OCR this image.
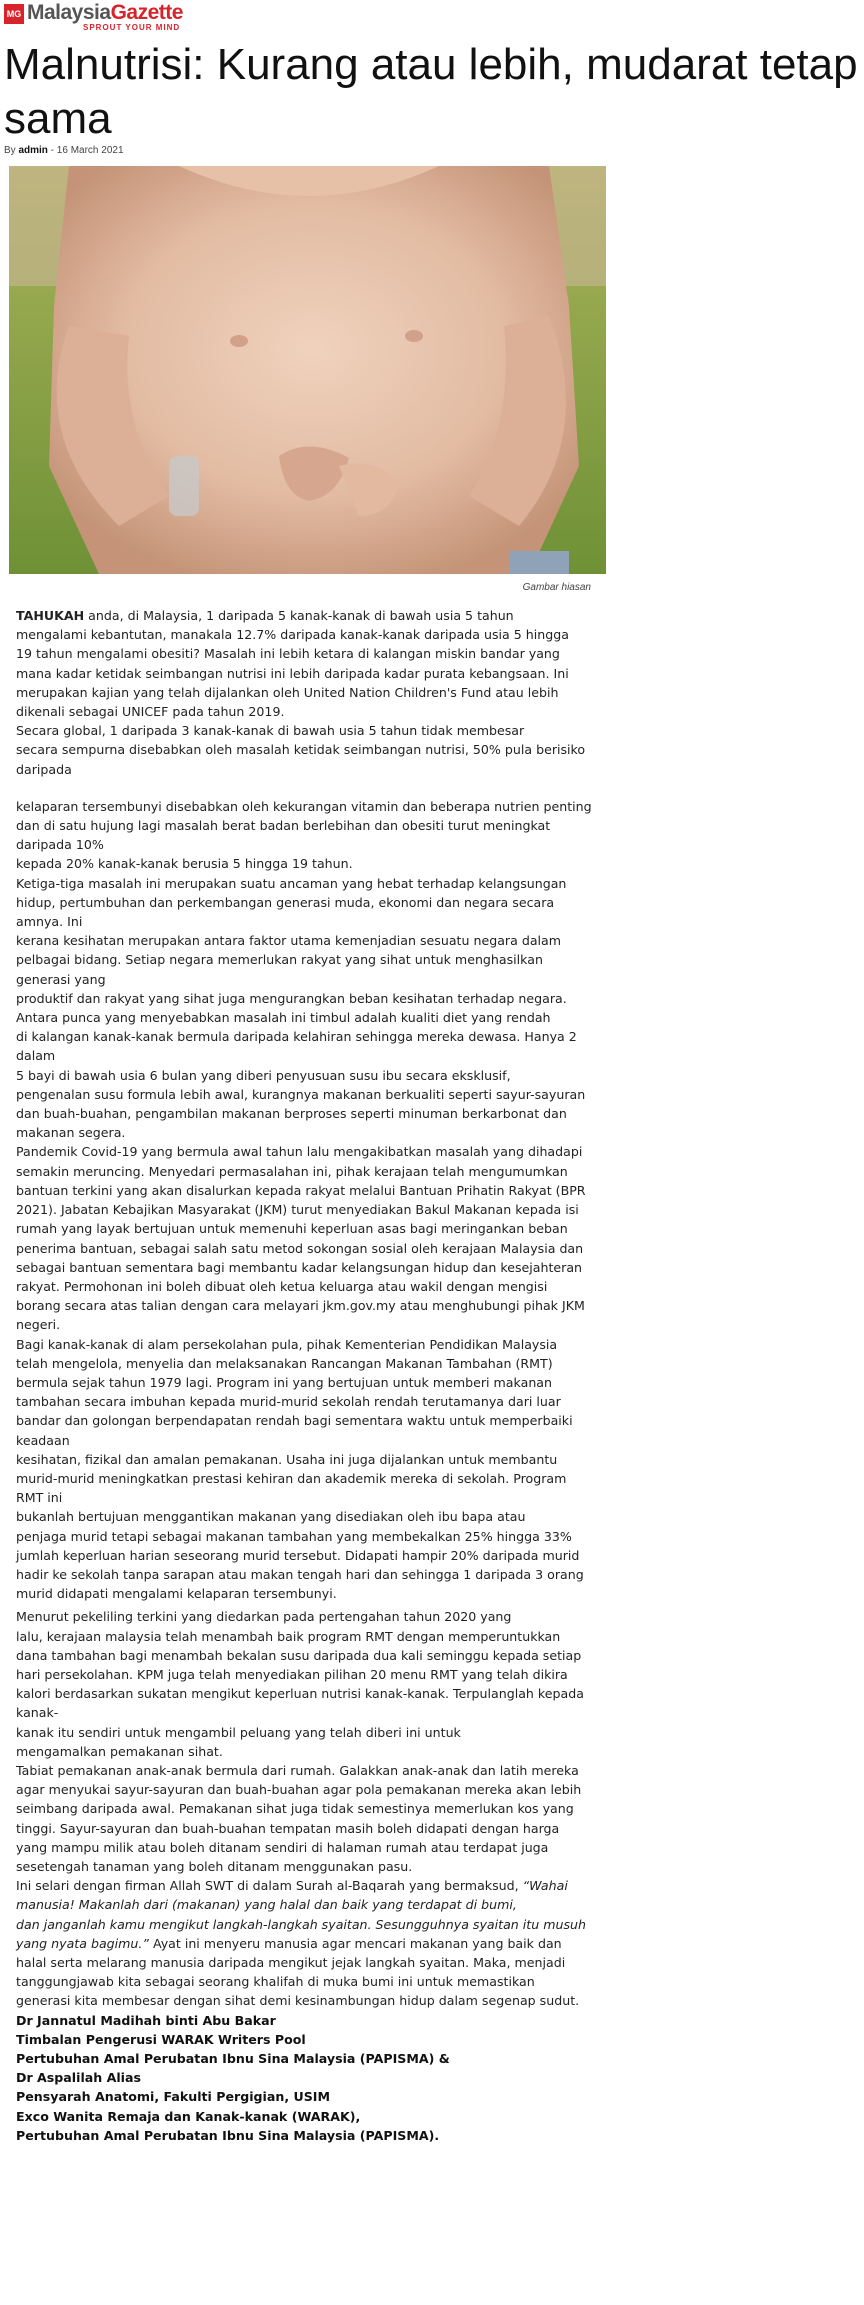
MG MalaysiaGazette
SPROUT YOUR MIND
Malnutrisi: Kurang atau lebih, mudarat tetap sama
By admin - 16 March 2021
Gambar hiasan

TAHUKAH anda, di Malaysia, 1 daripada 5 kanak-kanak di bawah usia 5 tahun

mengalami kebantutan, manakala 12.7% daripada kanak-kanak daripada usia 5 hingga

19 tahun mengalami obesiti? Masalah ini lebih ketara di kalangan miskin bandar yang

mana kadar ketidak seimbangan nutrisi ini lebih daripada kadar purata kebangsaan. Ini

merupakan kajian yang telah dijalankan oleh United Nation Children's Fund atau lebih

dikenali sebagai UNICEF pada tahun 2019.

Secara global, 1 daripada 3 kanak-kanak di bawah usia 5 tahun tidak membesar

secara sempurna disebabkan oleh masalah ketidak seimbangan nutrisi, 50% pula berisiko

daripada

kelaparan tersembunyi disebabkan oleh kekurangan vitamin dan beberapa nutrien penting

dan di satu hujung lagi masalah berat badan berlebihan dan obesiti turut meningkat

daripada 10%

kepada 20% kanak-kanak berusia 5 hingga 19 tahun.

Ketiga-tiga masalah ini merupakan suatu ancaman yang hebat terhadap kelangsungan

hidup, pertumbuhan dan perkembangan generasi muda, ekonomi dan negara secara

amnya. Ini

kerana kesihatan merupakan antara faktor utama kemenjadian sesuatu negara dalam

pelbagai bidang. Setiap negara memerlukan rakyat yang sihat untuk menghasilkan

generasi yang

produktif dan rakyat yang sihat juga mengurangkan beban kesihatan terhadap negara.

Antara punca yang menyebabkan masalah ini timbul adalah kualiti diet yang rendah

di kalangan kanak-kanak bermula daripada kelahiran sehingga mereka dewasa. Hanya 2

dalam

5 bayi di bawah usia 6 bulan yang diberi penyusuan susu ibu secara eksklusif,

pengenalan susu formula lebih awal, kurangnya makanan berkualiti seperti sayur-sayuran

dan buah-buahan, pengambilan makanan berproses seperti minuman berkarbonat dan

makanan segera.

Pandemik Covid-19 yang bermula awal tahun lalu mengakibatkan masalah yang dihadapi

semakin meruncing. Menyedari permasalahan ini, pihak kerajaan telah mengumumkan

bantuan terkini yang akan disalurkan kepada rakyat melalui Bantuan Prihatin Rakyat (BPR

2021). Jabatan Kebajikan Masyarakat (JKM) turut menyediakan Bakul Makanan kepada isi

rumah yang layak bertujuan untuk memenuhi keperluan asas bagi meringankan beban

penerima bantuan, sebagai salah satu metod sokongan sosial oleh kerajaan Malaysia dan

sebagai bantuan sementara bagi membantu kadar kelangsungan hidup dan kesejahteran

rakyat. Permohonan ini boleh dibuat oleh ketua keluarga atau wakil dengan mengisi

borang secara atas talian dengan cara melayari jkm.gov.my atau menghubungi pihak JKM

negeri.

Bagi kanak-kanak di alam persekolahan pula, pihak Kementerian Pendidikan Malaysia

telah mengelola, menyelia dan melaksanakan Rancangan Makanan Tambahan (RMT)

bermula sejak tahun 1979 lagi. Program ini yang bertujuan untuk memberi makanan

tambahan secara imbuhan kepada murid-murid sekolah rendah terutamanya dari luar

bandar dan golongan berpendapatan rendah bagi sementara waktu untuk memperbaiki

keadaan

kesihatan, fizikal dan amalan pemakanan. Usaha ini juga dijalankan untuk membantu

murid-murid meningkatkan prestasi kehiran dan akademik mereka di sekolah. Program

RMT ini

bukanlah bertujuan menggantikan makanan yang disediakan oleh ibu bapa atau

penjaga murid tetapi sebagai makanan tambahan yang membekalkan 25% hingga 33%

jumlah keperluan harian seseorang murid tersebut. Didapati hampir 20% daripada murid

hadir ke sekolah tanpa sarapan atau makan tengah hari dan sehingga 1 daripada 3 orang

murid didapati mengalami kelaparan tersembunyi.

Menurut pekeliling terkini yang diedarkan pada pertengahan tahun 2020 yang

lalu, kerajaan malaysia telah menambah baik program RMT dengan memperuntukkan

dana tambahan bagi menambah bekalan susu daripada dua kali seminggu kepada setiap

hari persekolahan. KPM juga telah menyediakan pilihan 20 menu RMT yang telah dikira

kalori berdasarkan sukatan mengikut keperluan nutrisi kanak-kanak. Terpulanglah kepada

kanak-

kanak itu sendiri untuk mengambil peluang yang telah diberi ini untuk

mengamalkan pemakanan sihat.

Tabiat pemakanan anak-anak bermula dari rumah. Galakkan anak-anak dan latih mereka

agar menyukai sayur-sayuran dan buah-buahan agar pola pemakanan mereka akan lebih

seimbang daripada awal. Pemakanan sihat juga tidak semestinya memerlukan kos yang

tinggi. Sayur-sayuran dan buah-buahan tempatan masih boleh didapati dengan harga

yang mampu milik atau boleh ditanam sendiri di halaman rumah atau terdapat juga

sesetengah tanaman yang boleh ditanam menggunakan pasu.

Ini selari dengan firman Allah SWT di dalam Surah al-Baqarah yang bermaksud, “Wahai

manusia! Makanlah dari (makanan) yang halal dan baik yang terdapat di bumi,

dan janganlah kamu mengikut langkah-langkah syaitan. Sesungguhnya syaitan itu musuh

yang nyata bagimu.” Ayat ini menyeru manusia agar mencari makanan yang baik dan

halal serta melarang manusia daripada mengikut jejak langkah syaitan. Maka, menjadi

tanggungjawab kita sebagai seorang khalifah di muka bumi ini untuk memastikan

generasi kita membesar dengan sihat demi kesinambungan hidup dalam segenap sudut.

Dr Jannatul Madihah binti Abu Bakar

Timbalan Pengerusi WARAK Writers Pool

Pertubuhan Amal Perubatan Ibnu Sina Malaysia (PAPISMA) &

Dr Aspalilah Alias

Pensyarah Anatomi, Fakulti Pergigian, USIM

Exco Wanita Remaja dan Kanak-kanak (WARAK),

Pertubuhan Amal Perubatan Ibnu Sina Malaysia (PAPISMA).
